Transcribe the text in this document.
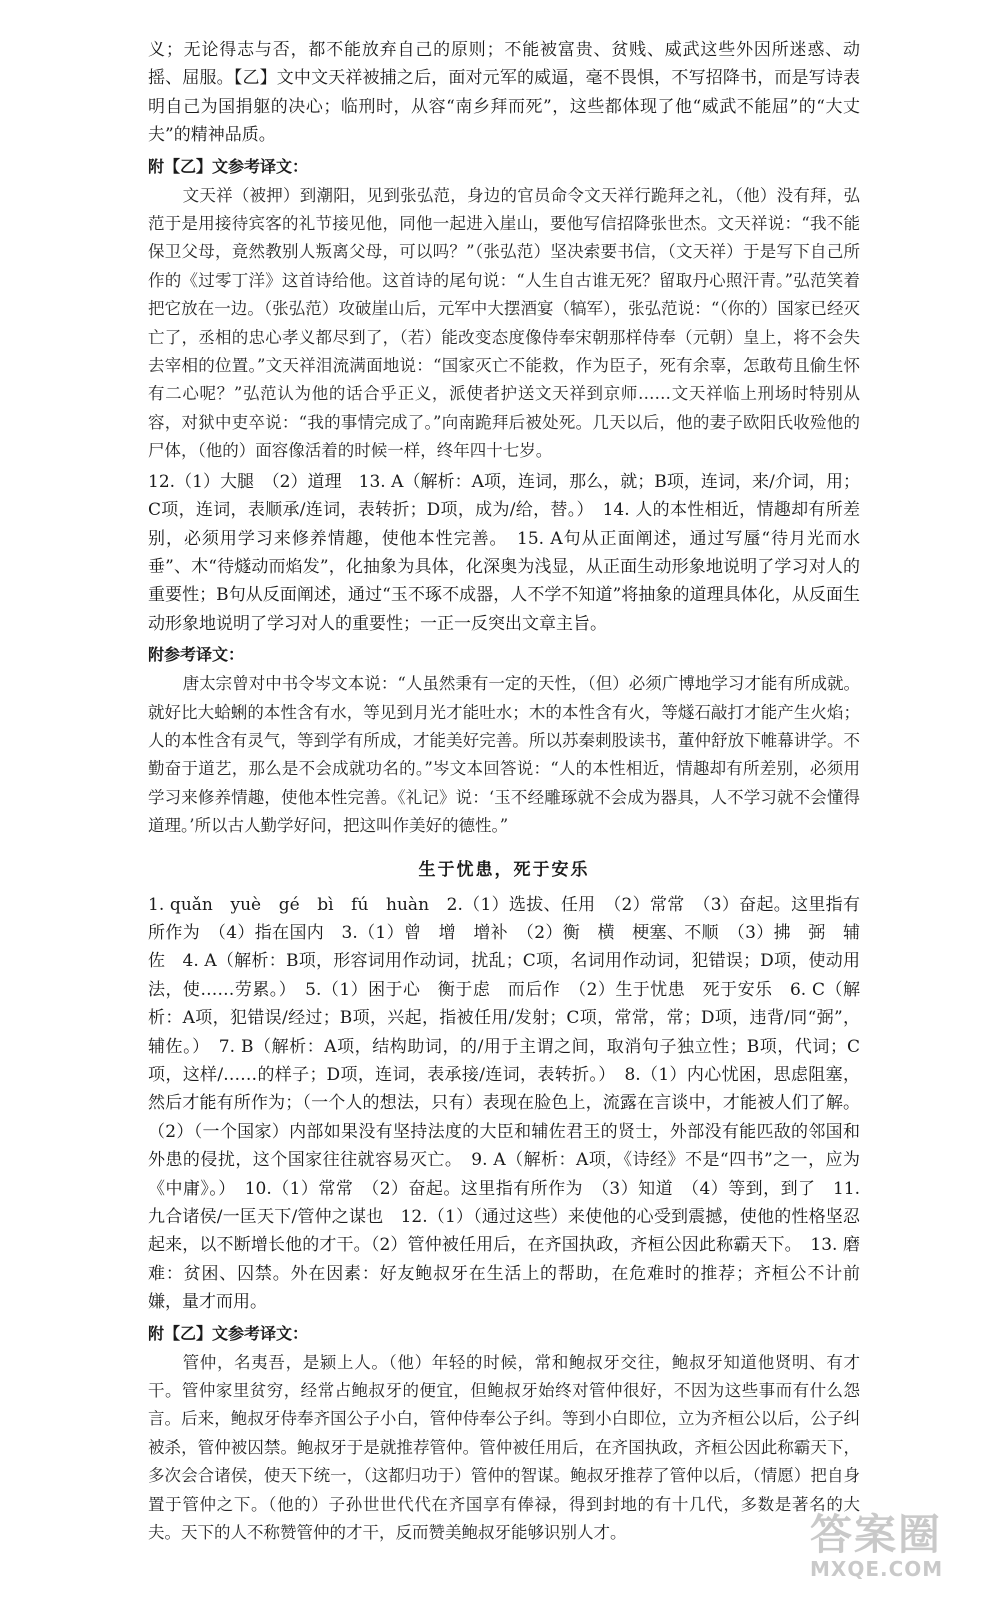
义；无论得志与否，都不能放弃自己的原则；不能被富贵、贫贱、威武这些外因所迷惑、动摇、屈服。【乙】文中文天祥被捕之后，面对元军的威逼，毫不畏惧，不写招降书，而是写诗表明自己为国捐躯的决心；临刑时，从容“南乡拜而死”，这些都体现了他“威武不能屈”的“大丈夫”的精神品质。

附【乙】文参考译文：

文天祥（被押）到潮阳，见到张弘范，身边的官员命令文天祥行跪拜之礼，（他）没有拜，弘范于是用接待宾客的礼节接见他，同他一起进入崖山，要他写信招降张世杰。文天祥说：“我不能保卫父母，竟然教别人叛离父母，可以吗？”（张弘范）坚决索要书信，（文天祥）于是写下自己所作的《过零丁洋》这首诗给他。这首诗的尾句说：“人生自古谁无死？留取丹心照汗青。”弘范笑着把它放在一边。（张弘范）攻破崖山后，元军中大摆酒宴（犒军），张弘范说：“（你的）国家已经灭亡了，丞相的忠心孝义都尽到了，（若）能改变态度像侍奉宋朝那样侍奉（元朝）皇上，将不会失去宰相的位置。”文天祥泪流满面地说：“国家灭亡不能救，作为臣子，死有余辜，怎敢苟且偷生怀有二心呢？”弘范认为他的话合乎正义，派使者护送文天祥到京师……文天祥临上刑场时特别从容，对狱中吏卒说：“我的事情完成了。”向南跪拜后被处死。几天以后，他的妻子欧阳氏收殓他的尸体，（他的）面容像活着的时候一样，终年四十七岁。

12.（1）大腿　（2）道理　13. A（解析：A项，连词，那么，就；B项，连词，来/介词，用；C项，连词，表顺承/连词，表转折；D项，成为/给，替。）　14. 人的本性相近，情趣却有所差别，必须用学习来修养情趣，使他本性完善。　15. A句从正面阐述，通过写蜃“待月光而水垂”、木“待燧动而焰发”，化抽象为具体，化深奥为浅显，从正面生动形象地说明了学习对人的重要性；B句从反面阐述，通过“玉不琢不成器，人不学不知道”将抽象的道理具体化，从反面生动形象地说明了学习对人的重要性；一正一反突出文章主旨。

附参考译文：

唐太宗曾对中书令岑文本说：“人虽然秉有一定的天性，（但）必须广博地学习才能有所成就。就好比大蛤蜊的本性含有水，等见到月光才能吐水；木的本性含有火，等燧石敲打才能产生火焰；人的本性含有灵气，等到学有所成，才能美好完善。所以苏秦刺股读书，董仲舒放下帷幕讲学。不勤奋于道艺，那么是不会成就功名的。”岑文本回答说：“人的本性相近，情趣却有所差别，必须用学习来修养情趣，使他本性完善。《礼记》说：‘玉不经雕琢就不会成为器具，人不学习就不会懂得道理。’所以古人勤学好问，把这叫作美好的德性。”

生于忧患，死于安乐

1. quǎn　yuè　gé　bì　fú　huàn　2.（1）选拔、任用　（2）常常　（3）奋起。这里指有所作为　（4）指在国内　3.（1）曾　增　增补　（2）衡　横　梗塞、不顺　（3）拂　弼　辅佐　4. A（解析：B项，形容词用作动词，扰乱；C项，名词用作动词，犯错误；D项，使动用法，使……劳累。）　5.（1）困于心　衡于虑　而后作　（2）生于忧患　死于安乐　6. C（解析：A项，犯错误/经过；B项，兴起，指被任用/发射；C项，常常，常；D项，违背/同“弼”，辅佐。）　7. B（解析：A项，结构助词，的/用于主谓之间，取消句子独立性；B项，代词；C项，这样/……的样子；D项，连词，表承接/连词，表转折。）　8.（1）内心忧困，思虑阻塞，然后才能有所作为；（一个人的想法，只有）表现在脸色上，流露在言谈中，才能被人们了解。（2）（一个国家）内部如果没有坚持法度的大臣和辅佐君王的贤士，外部没有能匹敌的邻国和外患的侵扰，这个国家往往就容易灭亡。　9. A（解析：A项，《诗经》不是“四书”之一，应为《中庸》。）　10.（1）常常　（2）奋起。这里指有所作为　（3）知道　（4）等到，到了　11. 九合诸侯/一匡天下/管仲之谋也　12.（1）（通过这些）来使他的心受到震撼，使他的性格坚忍起来，以不断增长他的才干。（2）管仲被任用后，在齐国执政，齐桓公因此称霸天下。　13. 磨难：贫困、囚禁。外在因素：好友鲍叔牙在生活上的帮助，在危难时的推荐；齐桓公不计前嫌，量才而用。

附【乙】文参考译文：

管仲，名夷吾，是颍上人。（他）年轻的时候，常和鲍叔牙交往，鲍叔牙知道他贤明、有才干。管仲家里贫穷，经常占鲍叔牙的便宜，但鲍叔牙始终对管仲很好，不因为这些事而有什么怨言。后来，鲍叔牙侍奉齐国公子小白，管仲侍奉公子纠。等到小白即位，立为齐桓公以后，公子纠被杀，管仲被囚禁。鲍叔牙于是就推荐管仲。管仲被任用后，在齐国执政，齐桓公因此称霸天下，多次会合诸侯，使天下统一，（这都归功于）管仲的智谋。鲍叔牙推荐了管仲以后，（情愿）把自身置于管仲之下。（他的）子孙世世代代在齐国享有俸禄，得到封地的有十几代，多数是著名的大夫。天下的人不称赞管仲的才干，反而赞美鲍叔牙能够识别人才。	答案圈
MXQE.COM
